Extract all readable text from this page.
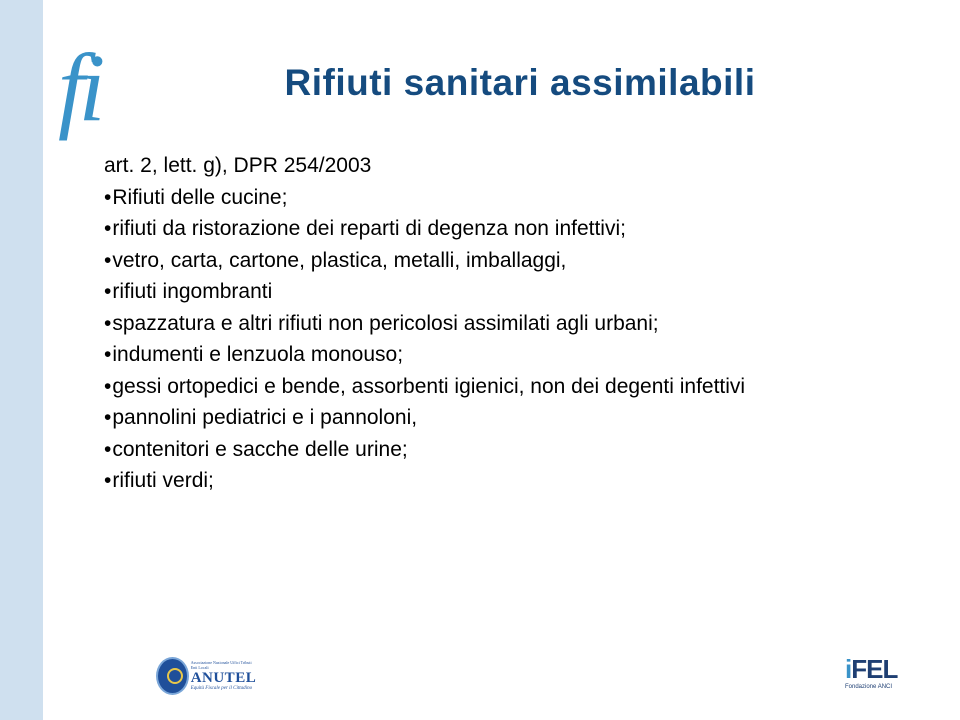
fi	Rifiuti sanitari assimilabili
art. 2, lett. g), DPR 254/2003
•Rifiuti delle cucine;
•rifiuti da ristorazione dei reparti di degenza non infettivi;
•vetro, carta, cartone, plastica, metalli, imballaggi,
•rifiuti ingombranti
•spazzatura e altri rifiuti non pericolosi assimilati agli urbani;
•indumenti e lenzuola monouso;
•gessi ortopedici e bende, assorbenti igienici, non dei degenti infettivi
•pannolini pediatrici e i pannoloni,
•contenitori e sacche delle urine;
•rifiuti verdi;
Associazione Nazionale Uffici Tributi Enti Locali
ANUTEL
Equità Fiscale per il Cittadino
iFEL
Fondazione ANCI
